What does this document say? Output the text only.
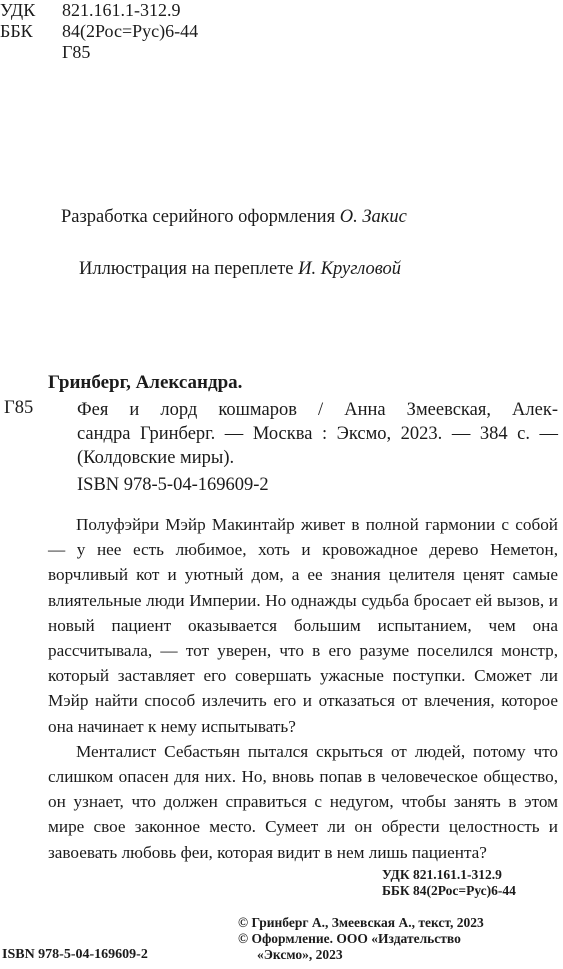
УДК 821.161.1-312.9
ББК 84(2Рос=Рус)6-44
Г85
Разработка серийного оформления О. Закис
Иллюстрация на переплете И. Кругловой
Гринберг, Александра.
Г85 Фея и лорд кошмаров / Анна Змеевская, Алек-

сандра Гринберг. — Москва : Эксмо, 2023. — 384 с. —

(Колдовские миры).

ISBN 978-5-04-169609-2

Полуфэйри Мэйр Макинтайр живет в полной гармонии с собой — у нее есть любимое, хоть и кровожадное дерево Неметон, ворчливый кот и уютный дом, а ее знания целителя ценят самые влиятельные люди Империи. Но однажды судьба бросает ей вызов, и новый пациент оказывается большим испытанием, чем она рассчитывала, — тот уверен, что в его разуме поселился монстр, который заставляет его совершать ужасные поступки. Сможет ли Мэйр найти способ излечить его и отказаться от влечения, которое она начинает к нему испытывать?

Менталист Себастьян пытался скрыться от людей, потому что слишком опасен для них. Но, вновь попав в человеческое общество, он узнает, что должен справиться с недугом, чтобы занять в этом мире свое законное место. Сумеет ли он обрести целостность и завоевать любовь феи, которая видит в нем лишь пациента?

УДК 821.161.1-312.9
ББК 84(2Рос=Рус)6-44
© Гринберг А., Змеевская А., текст, 2023
© Оформление. ООО «Издательство
«Эксмо», 2023
ISBN 978-5-04-169609-2
